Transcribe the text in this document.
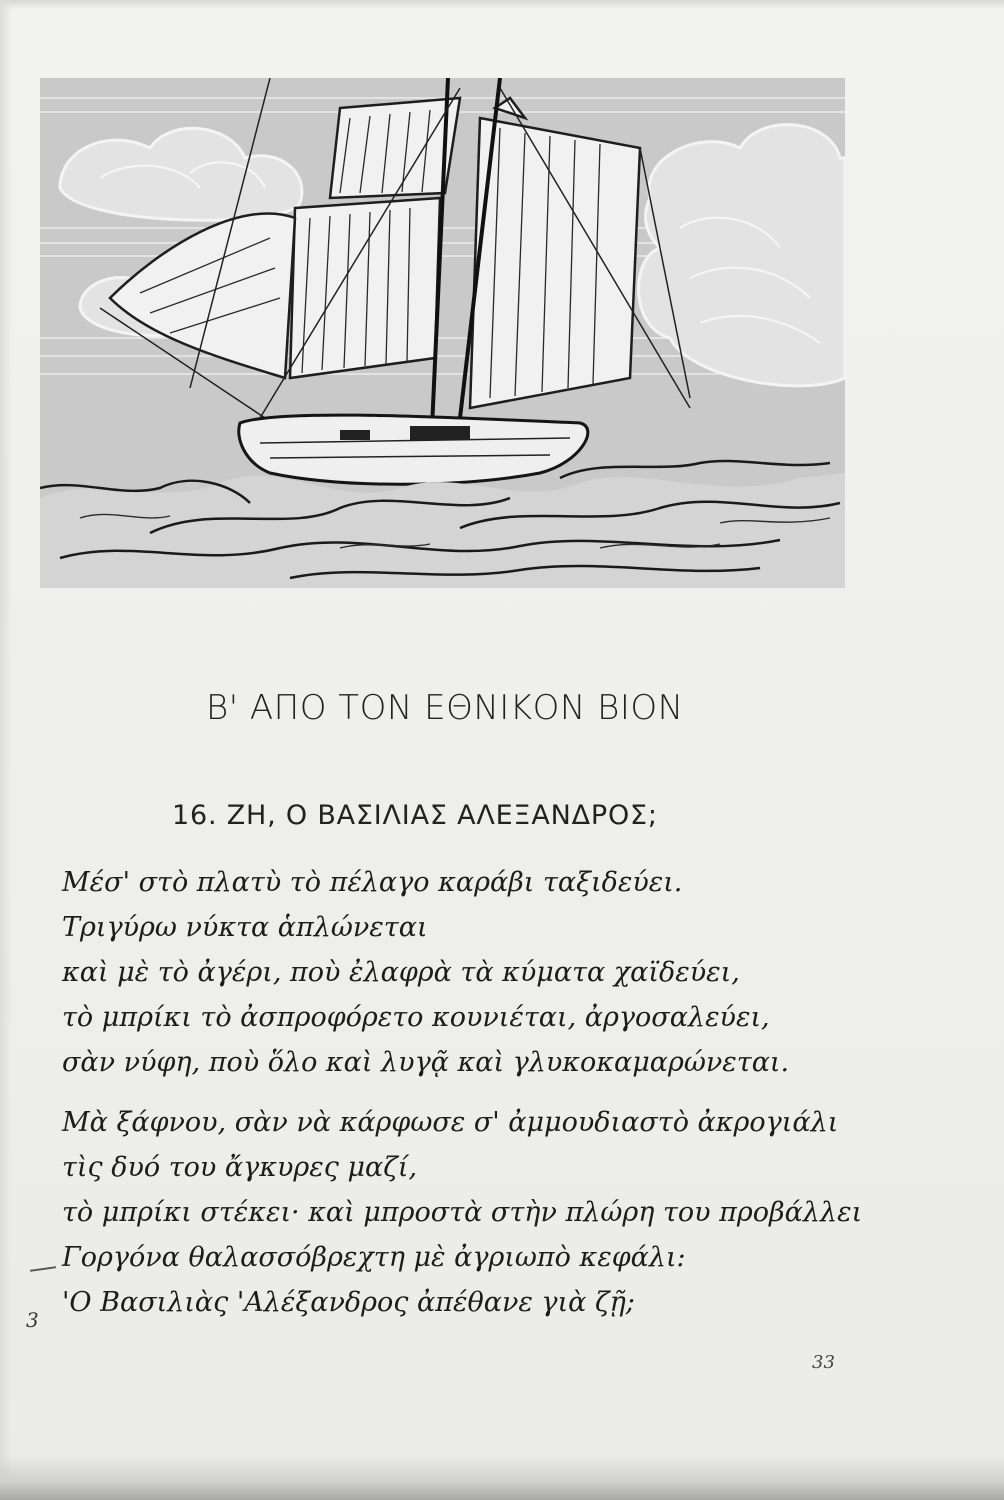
Β' ΑΠΟ ΤΟΝ ΕΘΝΙΚΟΝ ΒΙΟΝ
16. ΖΗ, Ο ΒΑΣΙΛΙΑΣ ΑΛΕΞΑΝΔΡΟΣ;
Μέσ' στὸ πλατὺ τὸ πέλαγο καράβι ταξιδεύει.
Τριγύρω νύκτα ἁπλώνεται
καὶ μὲ τὸ ἀγέρι, ποὺ ἐλαφρὰ τὰ κύματα χαϊδεύει,
τὸ μπρίκι τὸ ἀσπροφόρετο κουνιέται, ἀργοσαλεύει,
σὰν νύφη, ποὺ ὅλο καὶ λυγᾷ καὶ γλυκοκαμαρώνεται.
Μὰ ξάφνου, σὰν νὰ κάρφωσε σ' ἀμμουδιαστὸ ἀκρογιάλι
τὶς δυό του ἄγκυρες μαζί,
τὸ μπρίκι στέκει· καὶ μπροστὰ στὴν πλώρη του προβάλλει
Γοργόνα θαλασσόβρεχτη μὲ ἀγριωπὸ κεφάλι:
'Ο Βασιλιὰς 'Αλέξανδρος ἀπέθανε γιὰ ζῇ;
3
33
